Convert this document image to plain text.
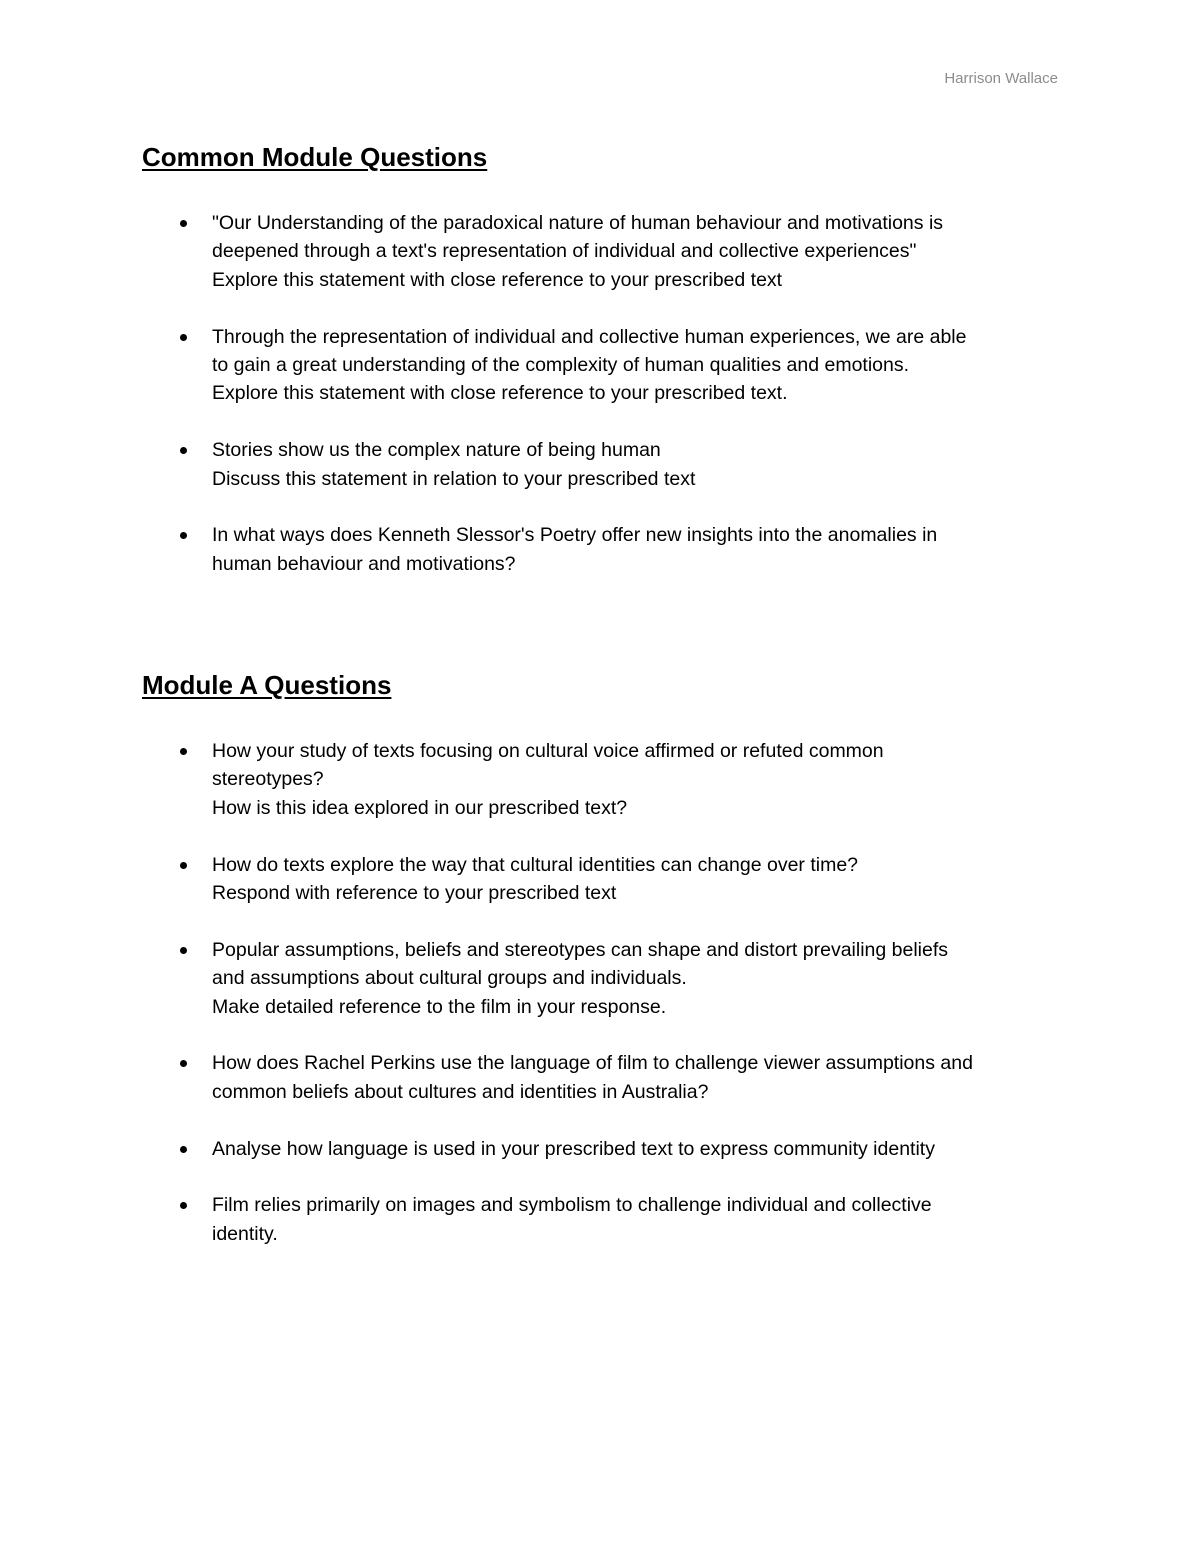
Harrison Wallace
Common Module Questions
"Our Understanding of the paradoxical nature of human behaviour and motivations is
deepened through a text's representation of individual and collective experiences"
Explore this statement with close reference to your prescribed text
Through the representation of individual and collective human experiences, we are able
to gain a great understanding of the complexity of human qualities and emotions.
Explore this statement with close reference to your prescribed text.
Stories show us the complex nature of being human
Discuss this statement in relation to your prescribed text
In what ways does Kenneth Slessor's Poetry offer new insights into the anomalies in
human behaviour and motivations?
Module A Questions
How your study of texts focusing on cultural voice affirmed or refuted common
stereotypes?
How is this idea explored in our prescribed text?
How do texts explore the way that cultural identities can change over time?
Respond with reference to your prescribed text
Popular assumptions, beliefs and stereotypes can shape and distort prevailing beliefs
and assumptions about cultural groups and individuals.
Make detailed reference to the film in your response.
How does Rachel Perkins use the language of film to challenge viewer assumptions and
common beliefs about cultures and identities in Australia?
Analyse how language is used in your prescribed text to express community identity
Film relies primarily on images and symbolism to challenge individual and collective
identity.
